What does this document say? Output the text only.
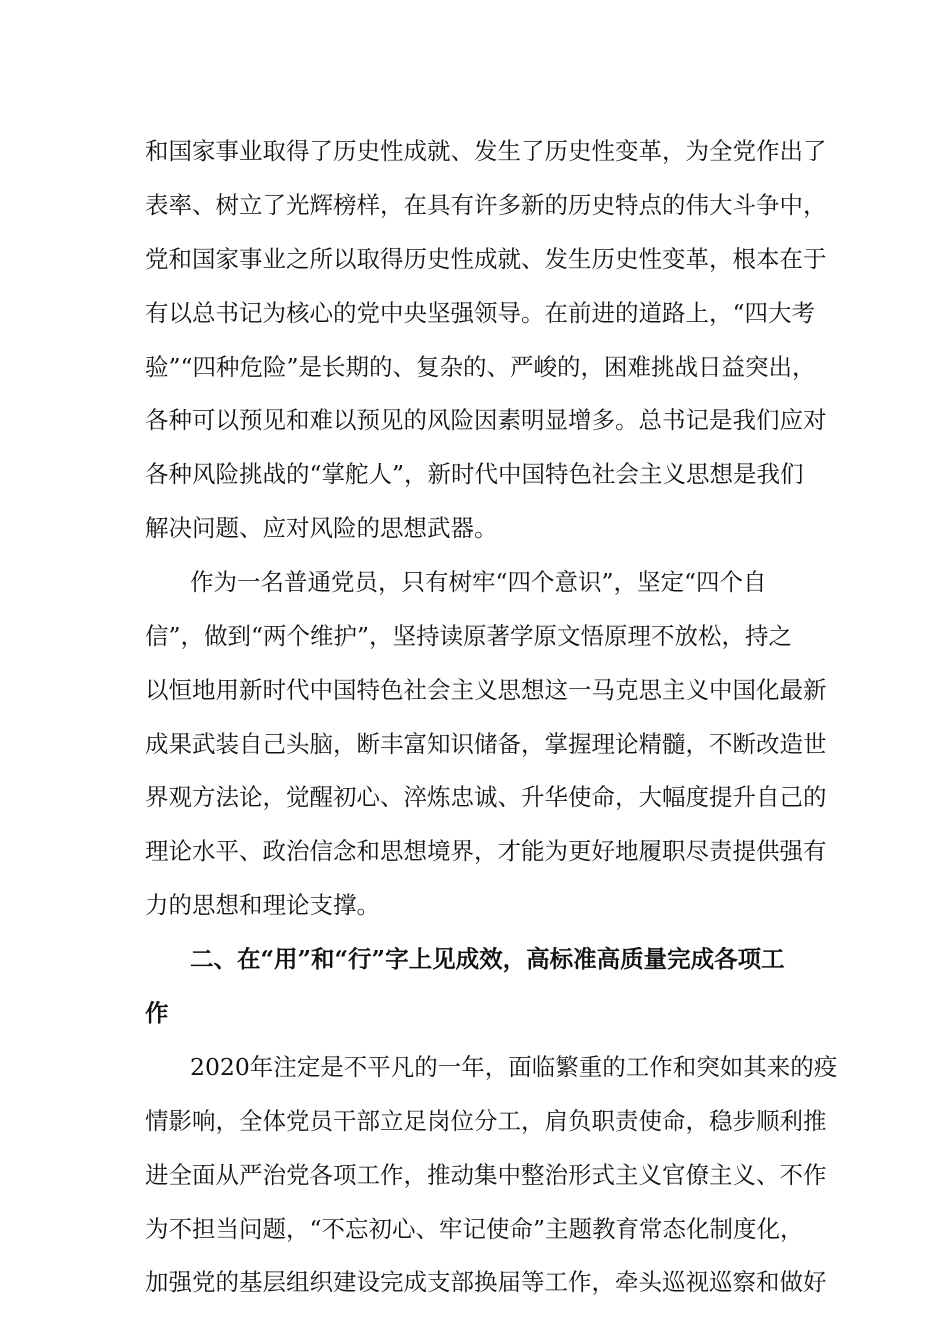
和国家事业取得了历史性成就、发生了历史性变革，为全党作出了
表率、树立了光辉榜样，在具有许多新的历史特点的伟大斗争中，
党和国家事业之所以取得历史性成就、发生历史性变革，根本在于
有以总书记为核心的党中央坚强领导。在前进的道路上，“四大考
验”“四种危险”是长期的、复杂的、严峻的，困难挑战日益突出，
各种可以预见和难以预见的风险因素明显增多。总书记是我们应对
各种风险挑战的“掌舵人”，新时代中国特色社会主义思想是我们
解决问题、应对风险的思想武器。
作为一名普通党员，只有树牢“四个意识”，坚定“四个自
信”，做到“两个维护”，坚持读原著学原文悟原理不放松，持之
以恒地用新时代中国特色社会主义思想这一马克思主义中国化最新
成果武装自己头脑，断丰富知识储备，掌握理论精髓，不断改造世
界观方法论，觉醒初心、淬炼忠诚、升华使命，大幅度提升自己的
理论水平、政治信念和思想境界，才能为更好地履职尽责提供强有
力的思想和理论支撑。
二、在“用”和“行”字上见成效，高标准高质量完成各项工
作
2020年注定是不平凡的一年，面临繁重的工作和突如其来的疫
情影响，全体党员干部立足岗位分工，肩负职责使命，稳步顺利推
进全面从严治党各项工作，推动集中整治形式主义官僚主义、不作
为不担当问题，“不忘初心、牢记使命”主题教育常态化制度化，
加强党的基层组织建设完成支部换届等工作，牵头巡视巡察和做好
